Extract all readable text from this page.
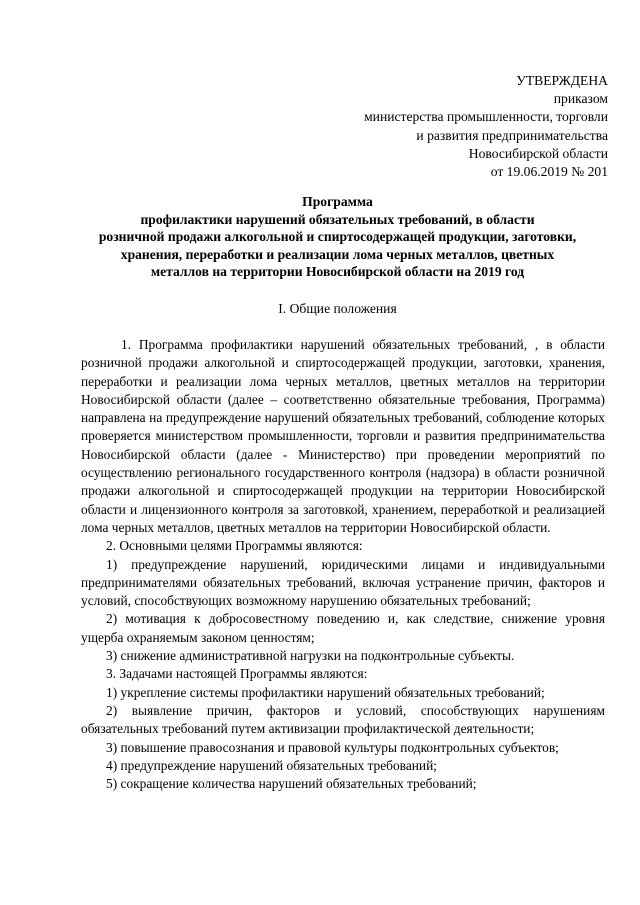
УТВЕРЖДЕНА
приказом
министерства промышленности, торговли
и развития предпринимательства
Новосибирской области
от 19.06.2019 № 201
Программа
профилактики нарушений обязательных требований, в области
розничной продажи алкогольной и спиртосодержащей продукции, заготовки,
хранения, переработки и реализации лома черных металлов, цветных
металлов на территории Новосибирской области на 2019 год
I. Общие положения

1. Программа профилактики нарушений обязательных требований, , в области розничной продажи алкогольной и спиртосодержащей продукции, заготовки, хранения, переработки и реализации лома черных металлов, цветных металлов на территории Новосибирской области (далее – соответственно обязательные требования, Программа) направлена на предупреждение нарушений обязательных требований, соблюдение которых проверяется министерством промышленности, торговли и развития предпринимательства Новосибирской области (далее - Министерство) при проведении мероприятий по осуществлению регионального государственного контроля (надзора) в области розничной продажи алкогольной и спиртосодержащей продукции на территории Новосибирской области и лицензионного контроля за заготовкой, хранением, переработкой и реализацией лома черных металлов, цветных металлов на территории Новосибирской области.

2. Основными целями Программы являются:

1) предупреждение нарушений, юридическими лицами и индивидуальными предпринимателями обязательных требований, включая устранение причин, факторов и условий, способствующих возможному нарушению обязательных требований;

2) мотивация к добросовестному поведению и, как следствие, снижение уровня ущерба охраняемым законом ценностям;

3) снижение административной нагрузки на подконтрольные субъекты.

3. Задачами настоящей Программы являются:

1) укрепление системы профилактики нарушений обязательных требований;

2) выявление причин, факторов и условий, способствующих нарушениям обязательных требований путем активизации профилактической деятельности;

3) повышение правосознания и правовой культуры подконтрольных субъектов;

4) предупреждение нарушений обязательных требований;

5) сокращение количества нарушений обязательных требований;
